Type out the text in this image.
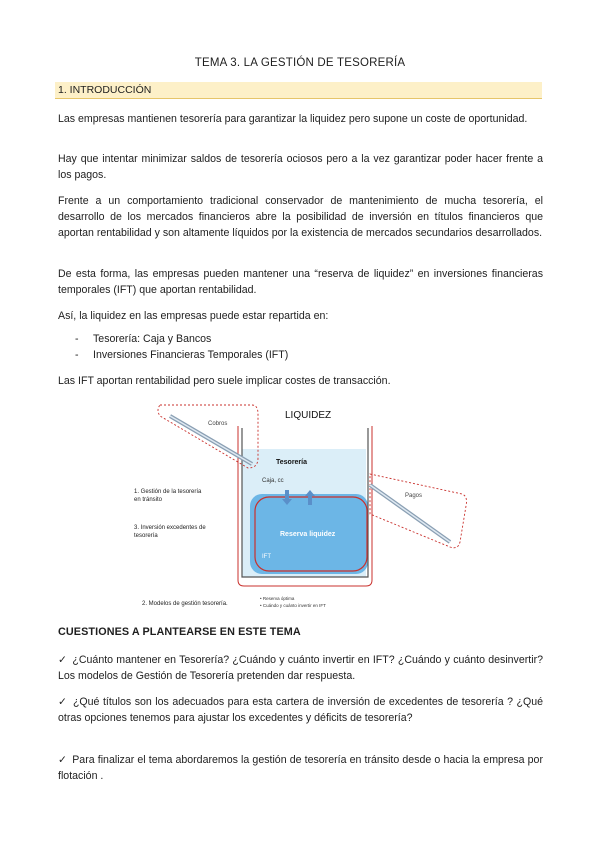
TEMA 3. LA GESTIÓN DE TESORERÍA
1. INTRODUCCIÓN

Las empresas mantienen tesorería para garantizar la liquidez pero supone un coste de oportunidad.

Hay que intentar minimizar saldos de tesorería ociosos pero a la vez garantizar poder hacer frente a los pagos.

Frente a un comportamiento tradicional conservador de mantenimiento de mucha tesorería, el desarrollo de los mercados financieros abre la posibilidad de inversión en títulos financieros que aportan rentabilidad y son altamente líquidos por la existencia de mercados secundarios desarrollados.

De esta forma, las empresas pueden mantener una “reserva de liquidez” en inversiones financieras temporales (IFT) que aportan rentabilidad.

Así, la liquidez en las empresas puede estar repartida en:

- Tesorería: Caja y Bancos
- Inversiones Financieras Temporales (IFT)

Las IFT aportan rentabilidad pero suele implicar costes de transacción.

LIQUIDEZ
Cobros
Pagos
Tesorería
Caja, cc
Reserva liquidez
IFT
1. Gestión de la tesorería
en tránsito
3. Inversión excedentes de
tesorería
2. Modelos de gestión tesorería.
• Reserva óptima
• Cuándo y cuánto invertir en IFT
CUESTIONES A PLANTEARSE EN ESTE TEMA

✓ ¿Cuánto mantener en Tesorería? ¿Cuándo y cuánto invertir en IFT? ¿Cuándo y cuánto desinvertir? Los modelos de Gestión de Tesorería pretenden dar respuesta.

✓ ¿Qué títulos son los adecuados para esta cartera de inversión de excedentes de tesorería ? ¿Qué otras opciones tenemos para ajustar los excedentes y déficits de tesorería?

✓ Para finalizar el tema abordaremos la gestión de tesorería en tránsito desde o hacia la empresa por flotación .
